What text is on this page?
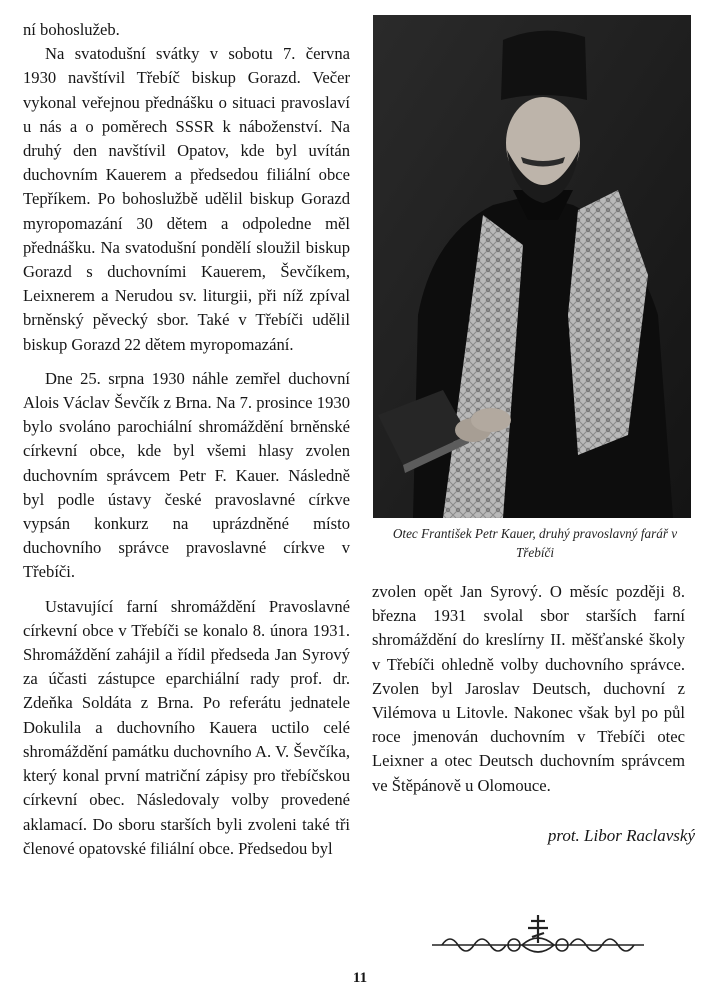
ní bohoslužeb.

Na svatodušní svátky v sobotu 7. června 1930 navštívil Třebíč biskup Gorazd. Večer vykonal veřejnou přednášku o situaci pravoslaví u nás a o poměrech SSSR k náboženství. Na druhý den navštívil Opatov, kde byl uvítán duchovním Kauerem a předsedou filiální obce Tepříkem. Po bohoslužbě udělil biskup Gorazd myropomazání 30 dětem a odpoledne měl přednášku. Na svatodušní pondělí sloužil biskup Gorazd s duchovními Kauerem, Ševčíkem, Leixnerem a Nerudou sv. liturgii, při níž zpíval brněnský pěvecký sbor. Také v Třebíči udělil biskup Gorazd 22 dětem myropomazání.

Dne 25. srpna 1930 náhle zemřel duchovní Alois Václav Ševčík z Brna. Na 7. prosince 1930 bylo svoláno parochiální shromáždění brněnské církevní obce, kde byl všemi hlasy zvolen duchovním správcem Petr F. Kauer. Následně byl podle ústavy české pravoslavné církve vypsán konkurz na uprázdněné místo duchovního správce pravoslavné církve v Třebíči.

Ustavující farní shromáždění Pravoslavné církevní obce v Třebíči se konalo 8. února 1931. Shromáždění zahájil a řídil předseda Jan Syrový za účasti zástupce eparchiální rady prof. dr. Zdeňka Soldáta z Brna. Po referátu jednatele Dokulila a duchovního Kauera uctilo celé shromáždění památku duchovního A. V. Ševčíka, který konal první matriční zápisy pro třebíčskou církevní obec. Následovaly volby provedené aklamací. Do sboru starších byli zvoleni také tři členové opatovské filiální obce. Předsedou byl

Otec František Petr Kauer, druhý pravoslavný farář v Třebíči

zvolen opět Jan Syrový. O měsíc později 8. března 1931 svolal sbor starších farní shromáždění do kreslírny II. měšťanské školy v Třebíči ohledně volby duchovního správce. Zvolen byl Jaroslav Deutsch, duchovní z Vilémova u Litovle. Nakonec však byl po půl roce jmenován duchovním v Třebíči otec Leixner a otec Deutsch duchovním správcem ve Štěpánově u Olomouce.

prot. Libor Raclavský
11
